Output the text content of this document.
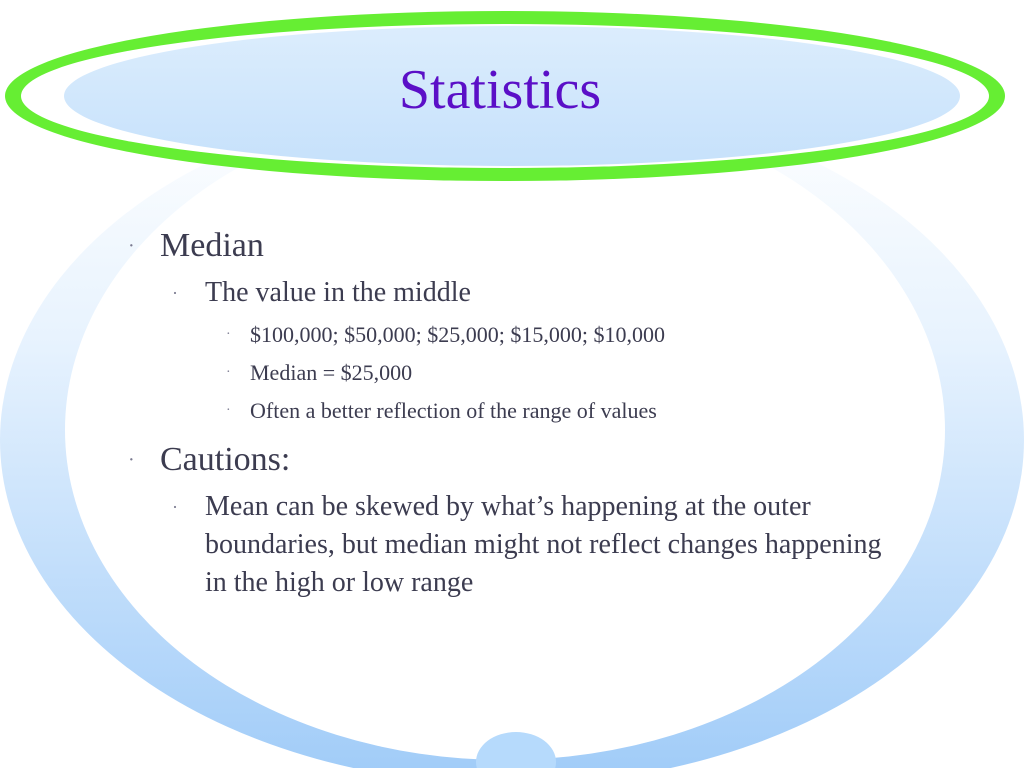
Statistics
· Median
· The value in the middle
· $100,000; $50,000; $25,000; $15,000; $10,000
· Median = $25,000
· Often a better reflection of the range of values
· Cautions:
· Mean can be skewed by what’s happening at the outer boundaries, but median might not reflect changes happening in the high or low range
